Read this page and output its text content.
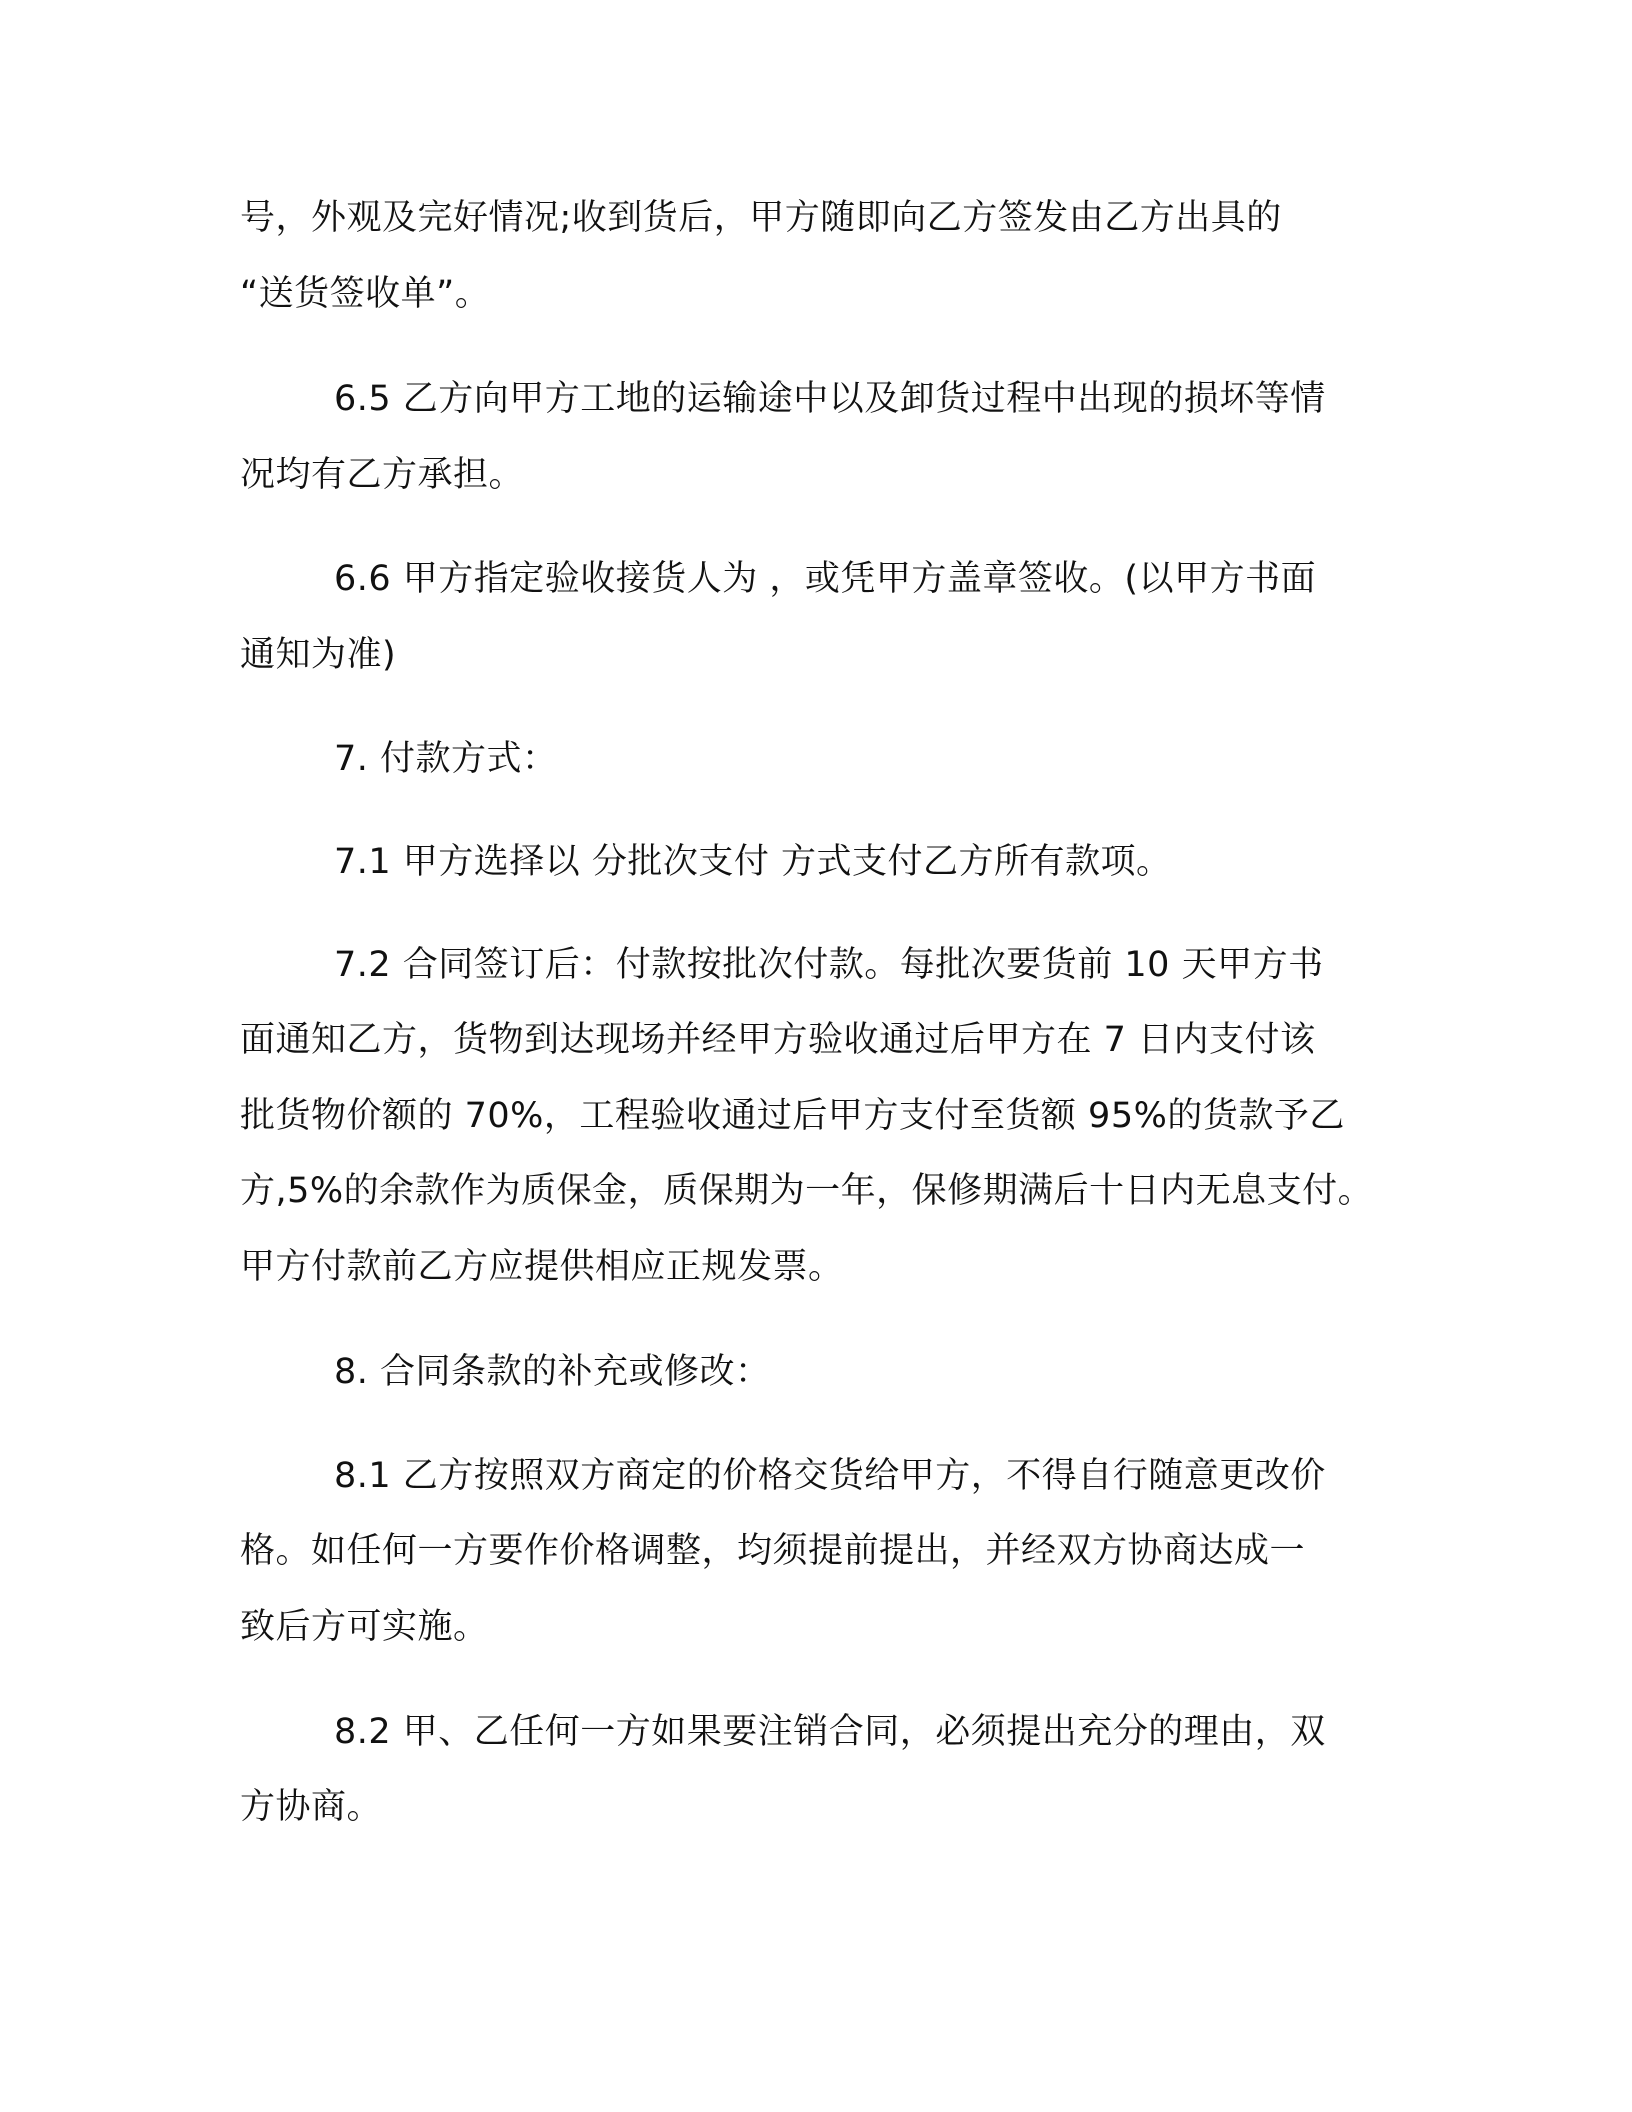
号，外观及完好情况;收到货后，甲方随即向乙方签发由乙方出具的
“送货签收单”。
6.5 乙方向甲方工地的运输途中以及卸货过程中出现的损坏等情
况均有乙方承担。
6.6 甲方指定验收接货人为 ，或凭甲方盖章签收。(以甲方书面
通知为准)
7. 付款方式：
7.1 甲方选择以 分批次支付 方式支付乙方所有款项。
7.2 合同签订后：付款按批次付款。每批次要货前 10 天甲方书
面通知乙方，货物到达现场并经甲方验收通过后甲方在 7 日内支付该
批货物价额的 70%，工程验收通过后甲方支付至货额 95%的货款予乙
方,5%的余款作为质保金，质保期为一年，保修期满后十日内无息支付。
甲方付款前乙方应提供相应正规发票。
8. 合同条款的补充或修改：
8.1 乙方按照双方商定的价格交货给甲方，不得自行随意更改价
格。如任何一方要作价格调整，均须提前提出，并经双方协商达成一
致后方可实施。
8.2 甲、乙任何一方如果要注销合同，必须提出充分的理由，双
方协商。
